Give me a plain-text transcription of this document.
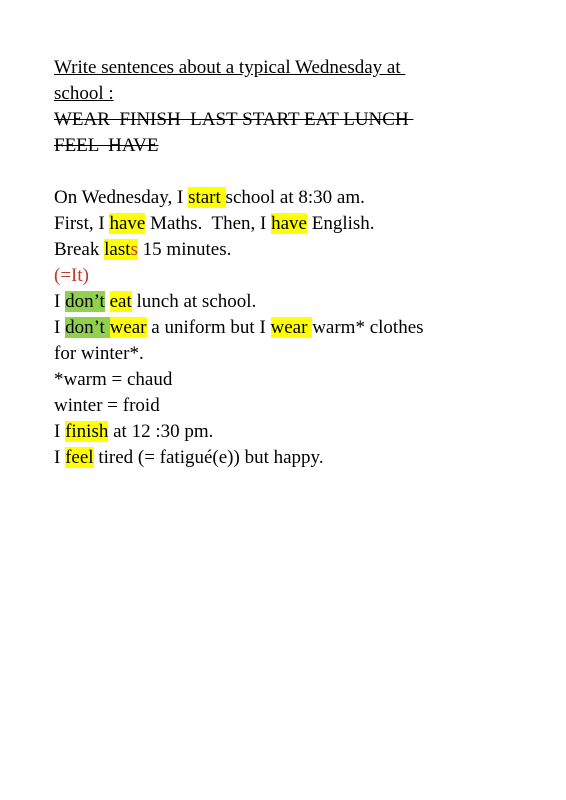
Write sentences about a typical Wednesday at
school :
WEAR  FINISH  LAST START EAT LUNCH
FEEL  HAVE
On Wednesday, I start school at 8:30 am.
First, I have Maths.  Then, I have English.
Break lasts 15 minutes.
(=It)
I don’t eat lunch at school.
I don’t wear a uniform but I wear warm* clothes
for winter*.
*warm = chaud
winter = froid
I finish at 12 :30 pm.
I feel tired (= fatigué(e)) but happy.
